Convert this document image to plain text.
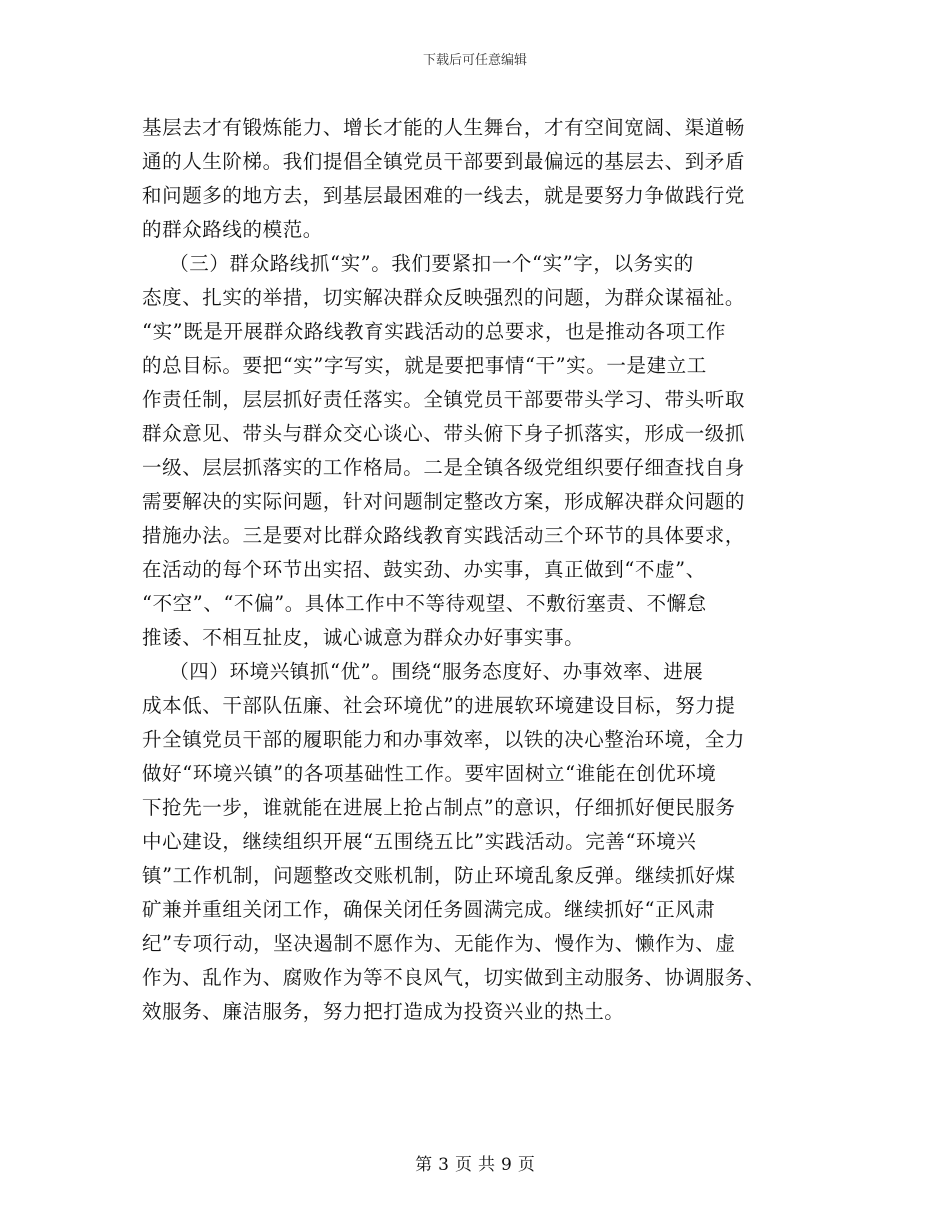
下载后可任意编辑
基层去才有锻炼能力、增长才能的人生舞台，才有空间宽阔、渠道畅
通的人生阶梯。我们提倡全镇党员干部要到最偏远的基层去、到矛盾
和问题多的地方去，到基层最困难的一线去，就是要努力争做践行党
的群众路线的模范。
（三）群众路线抓“实”。我们要紧扣一个“实”字，以务实的
态度、扎实的举措，切实解决群众反映强烈的问题，为群众谋福祉。
“实”既是开展群众路线教育实践活动的总要求，也是推动各项工作
的总目标。要把“实”字写实，就是要把事情“干”实。一是建立工
作责任制，层层抓好责任落实。全镇党员干部要带头学习、带头听取
群众意见、带头与群众交心谈心、带头俯下身子抓落实，形成一级抓
一级、层层抓落实的工作格局。二是全镇各级党组织要仔细查找自身
需要解决的实际问题，针对问题制定整改方案，形成解决群众问题的
措施办法。三是要对比群众路线教育实践活动三个环节的具体要求，
在活动的每个环节出实招、鼓实劲、办实事，真正做到“不虚”、
“不空”、“不偏”。具体工作中不等待观望、不敷衍塞责、不懈怠
推诿、不相互扯皮，诚心诚意为群众办好事实事。
（四）环境兴镇抓“优”。围绕“服务态度好、办事效率、进展
成本低、干部队伍廉、社会环境优”的进展软环境建设目标，努力提
升全镇党员干部的履职能力和办事效率，以铁的决心整治环境，全力
做好“环境兴镇”的各项基础性工作。要牢固树立“谁能在创优环境
下抢先一步，谁就能在进展上抢占制点”的意识，仔细抓好便民服务
中心建设，继续组织开展“五围绕五比”实践活动。完善“环境兴
镇”工作机制，问题整改交账机制，防止环境乱象反弹。继续抓好煤
矿兼并重组关闭工作，确保关闭任务圆满完成。继续抓好“正风肃
纪”专项行动，坚决遏制不愿作为、无能作为、慢作为、懒作为、虚
作为、乱作为、腐败作为等不良风气，切实做到主动服务、协调服务、
效服务、廉洁服务，努力把打造成为投资兴业的热土。
第 3 页 共 9 页
